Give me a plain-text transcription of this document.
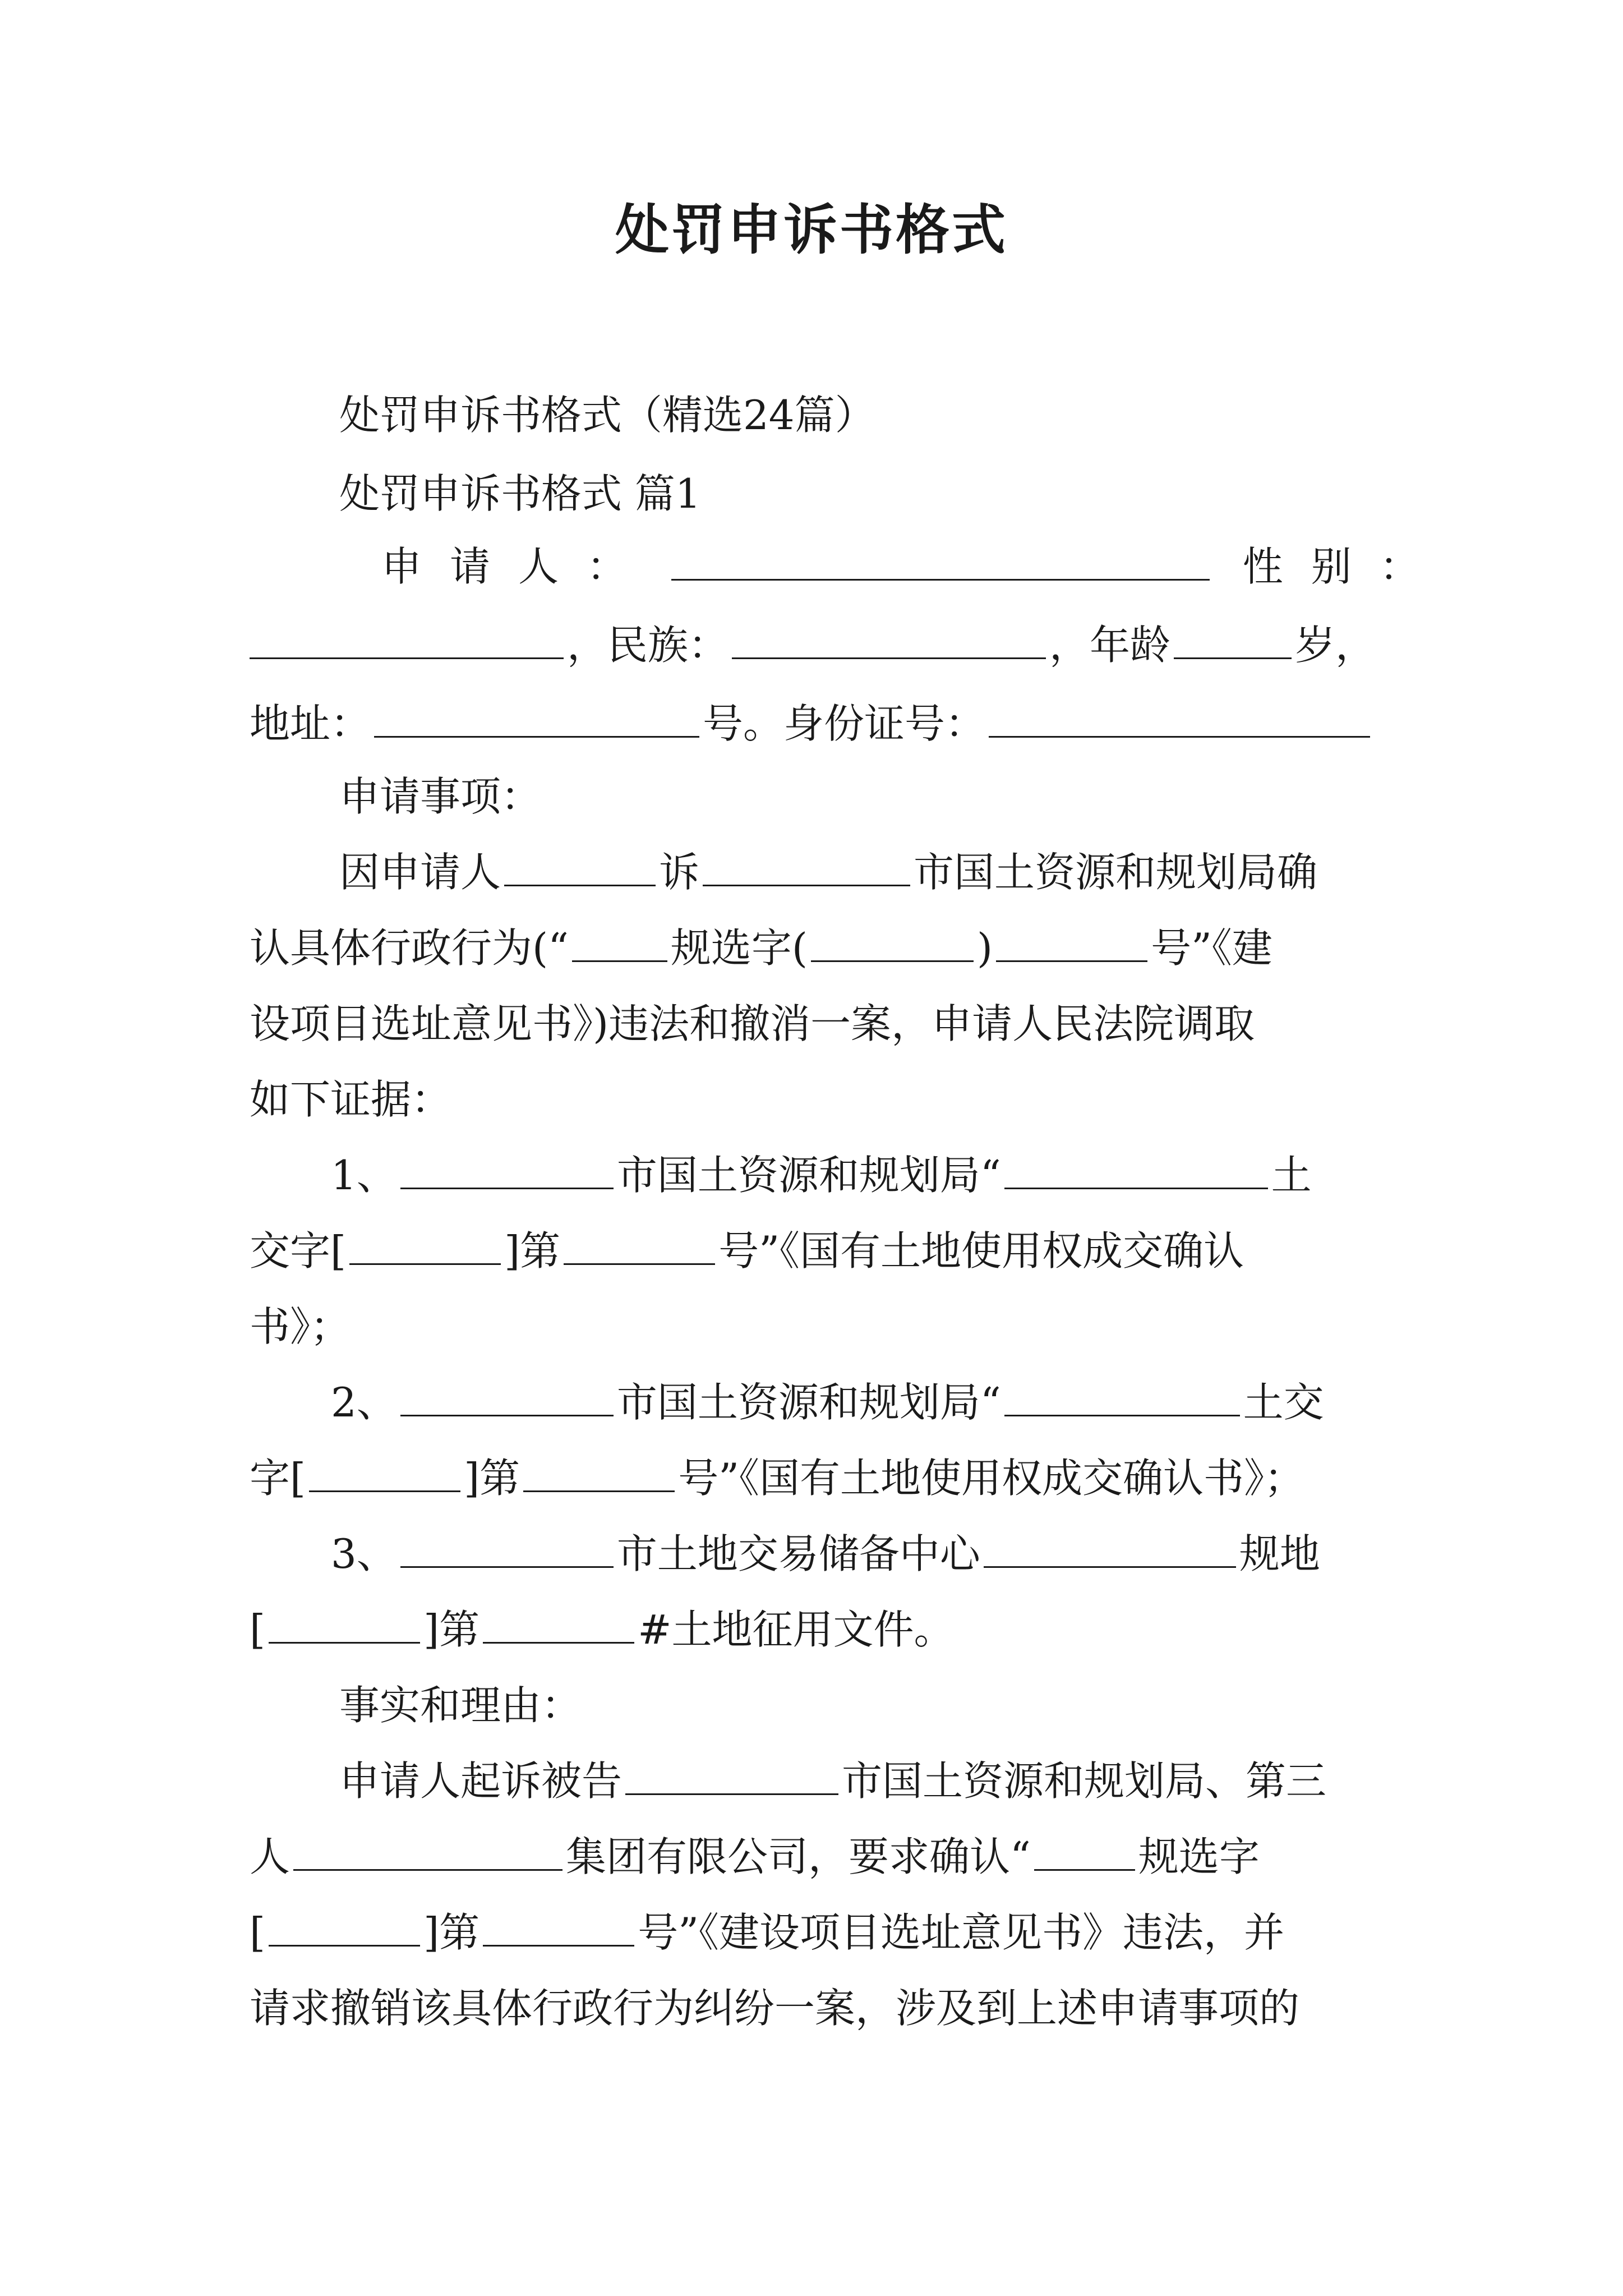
处罚申诉书格式
处罚申诉书格式（精选24篇）
处罚申诉书格式 篇1
申请人：	性别：
，民族：	，年龄	岁，
地址：	号。身份证号：
申请事项：
因申请人	诉	市国土资源和规划局确
认具体行政行为(“	规选字(	)	号”《建
设项目选址意见书》)违法和撤消一案，申请人民法院调取
如下证据：
1、	市国土资源和规划局“	土
交字[	]第	号”《国有土地使用权成交确认
书》；
2、	市国土资源和规划局“	土交
字[	]第	号”《国有土地使用权成交确认书》；
3、	市土地交易储备中心	规地
[	]第	#土地征用文件。
事实和理由：
申请人起诉被告	市国土资源和规划局、第三
人	集团有限公司，要求确认“	规选字
[	]第	号”《建设项目选址意见书》违法，并
请求撤销该具体行政行为纠纷一案，涉及到上述申请事项的
